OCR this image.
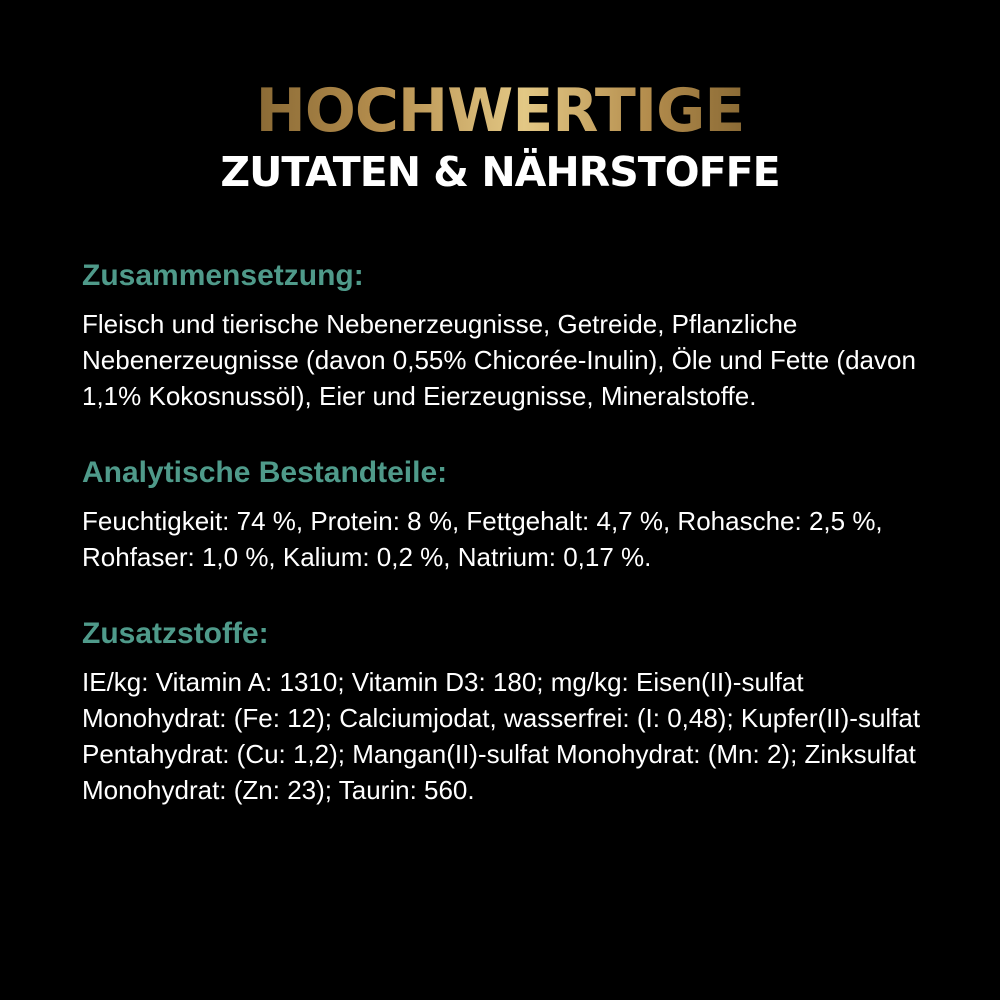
HOCHWERTIGE
ZUTATEN & NÄHRSTOFFE
Zusammensetzung:

Fleisch und tierische Nebenerzeugnisse, Getreide, Pflanzliche Nebenerzeugnisse (davon 0,55% Chicorée-Inulin), Öle und Fette (davon 1,1% Kokosnussöl), Eier und Eierzeugnisse, Mineralstoffe.

Analytische Bestandteile:

Feuchtigkeit: 74 %, Protein: 8 %, Fettgehalt: 4,7 %, Rohasche: 2,5 %, Rohfaser: 1,0 %, Kalium: 0,2 %, Natrium: 0,17 %.

Zusatzstoffe:

IE/kg: Vitamin A: 1310; Vitamin D3: 180; mg/kg: Eisen(II)-sulfat Monohydrat: (Fe: 12); Calciumjodat, wasserfrei: (I: 0,48); Kupfer(II)-sulfat Pentahydrat: (Cu: 1,2); Mangan(II)-sulfat Monohydrat: (Mn: 2); Zinksulfat Monohydrat: (Zn: 23); Taurin: 560.
